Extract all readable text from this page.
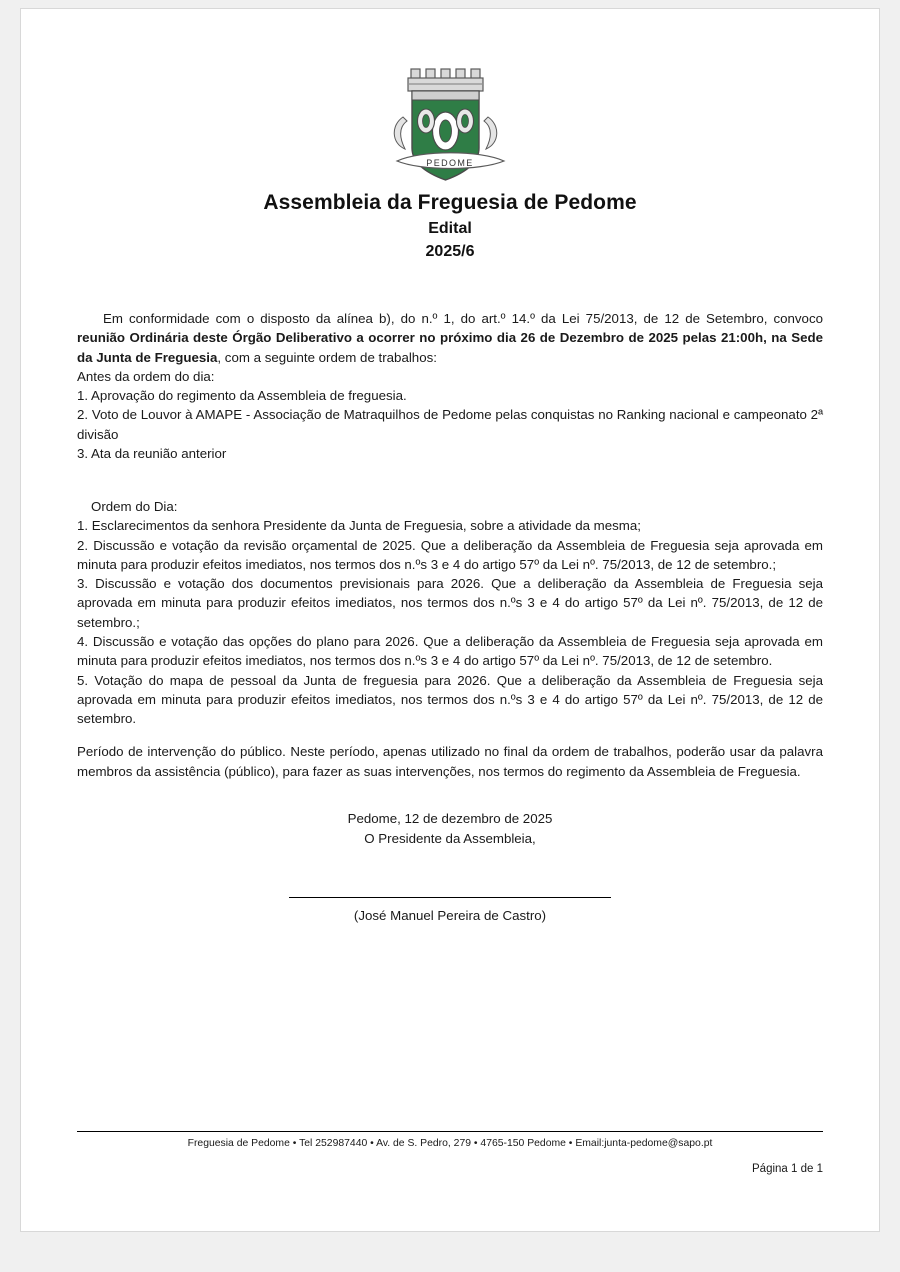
PEDOME
Assembleia da Freguesia de Pedome
Edital
2025/6

Em conformidade com o disposto da alínea b), do n.º 1, do art.º 14.º da Lei 75/2013, de 12 de Setembro, convoco reunião Ordinária deste Órgão Deliberativo a ocorrer no próximo dia 26 de Dezembro de 2025 pelas 21:00h, na Sede da Junta de Freguesia, com a seguinte ordem de trabalhos:

Antes da ordem do dia:

1. Aprovação do regimento da Assembleia de freguesia.

2. Voto de Louvor à AMAPE - Associação de Matraquilhos de Pedome pelas conquistas no Ranking nacional e campeonato 2ª divisão

3. Ata da reunião anterior

Ordem do Dia:

1. Esclarecimentos da senhora Presidente da Junta de Freguesia, sobre a atividade da mesma;

2. Discussão e votação da revisão orçamental de 2025. Que a deliberação da Assembleia de Freguesia seja aprovada em minuta para produzir efeitos imediatos, nos termos dos n.ºs 3 e 4 do artigo 57º da Lei nº. 75/2013, de 12 de setembro.;

3. Discussão e votação dos documentos previsionais para 2026. Que a deliberação da Assembleia de Freguesia seja aprovada em minuta para produzir efeitos imediatos, nos termos dos n.ºs 3 e 4 do artigo 57º da Lei nº. 75/2013, de 12 de setembro.;

4. Discussão e votação das opções do plano para 2026. Que a deliberação da Assembleia de Freguesia seja aprovada em minuta para produzir efeitos imediatos, nos termos dos n.ºs 3 e 4 do artigo 57º da Lei nº. 75/2013, de 12 de setembro.

5. Votação do mapa de pessoal da Junta de freguesia para 2026. Que a deliberação da Assembleia de Freguesia seja aprovada em minuta para produzir efeitos imediatos, nos termos dos n.ºs 3 e 4 do artigo 57º da Lei nº. 75/2013, de 12 de setembro.

Período de intervenção do público. Neste período, apenas utilizado no final da ordem de trabalhos, poderão usar da palavra membros da assistência (público), para fazer as suas intervenções, nos termos do regimento da Assembleia de Freguesia.

Pedome, 12 de dezembro de 2025
O Presidente da Assembleia,
(José Manuel Pereira de Castro)
Freguesia de Pedome • Tel 252987440 • Av. de S. Pedro, 279 • 4765-150 Pedome • Email:junta-pedome@sapo.pt
Página 1 de 1
